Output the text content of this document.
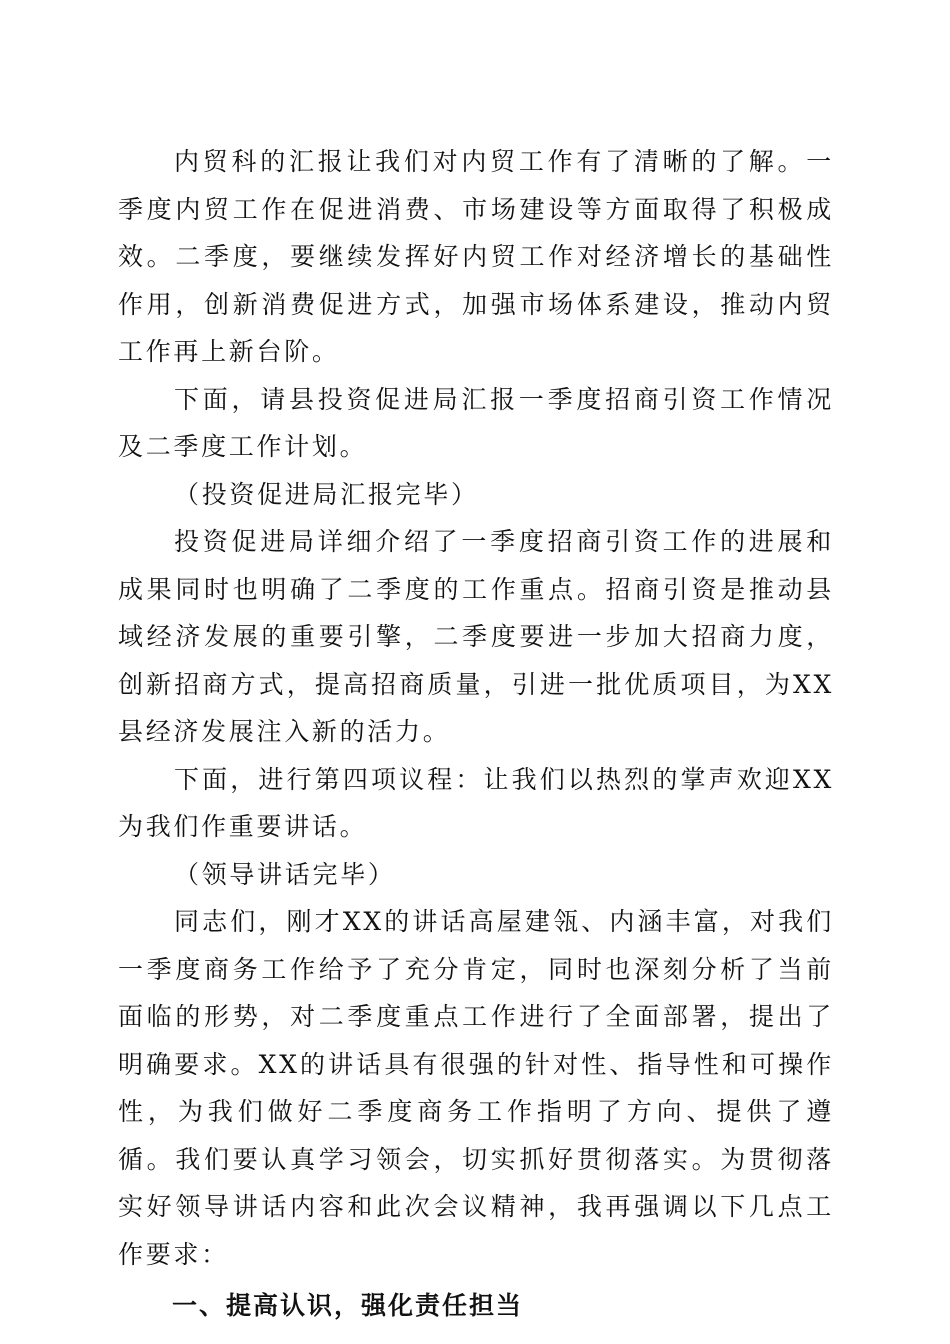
内贸科的汇报让我们对内贸工作有了清晰的了解。一季度内贸工作在促进消费、市场建设等方面取得了积极成效。二季度，要继续发挥好内贸工作对经济增长的基础性作用，创新消费促进方式，加强市场体系建设，推动内贸工作再上新台阶。

下面，请县投资促进局汇报一季度招商引资工作情况及二季度工作计划。

（投资促进局汇报完毕）

投资促进局详细介绍了一季度招商引资工作的进展和成果同时也明确了二季度的工作重点。招商引资是推动县域经济发展的重要引擎，二季度要进一步加大招商力度，创新招商方式，提高招商质量，引进一批优质项目，为XX县经济发展注入新的活力。

下面，进行第四项议程：让我们以热烈的掌声欢迎XX为我们作重要讲话。

（领导讲话完毕）

同志们，刚才XX的讲话高屋建瓴、内涵丰富，对我们一季度商务工作给予了充分肯定，同时也深刻分析了当前面临的形势，对二季度重点工作进行了全面部署，提出了明确要求。XX的讲话具有很强的针对性、指导性和可操作性，为我们做好二季度商务工作指明了方向、提供了遵循。我们要认真学习领会，切实抓好贯彻落实。为贯彻落实好领导讲话内容和此次会议精神，我再强调以下几点工作要求：

一、提高认识，强化责任担当
